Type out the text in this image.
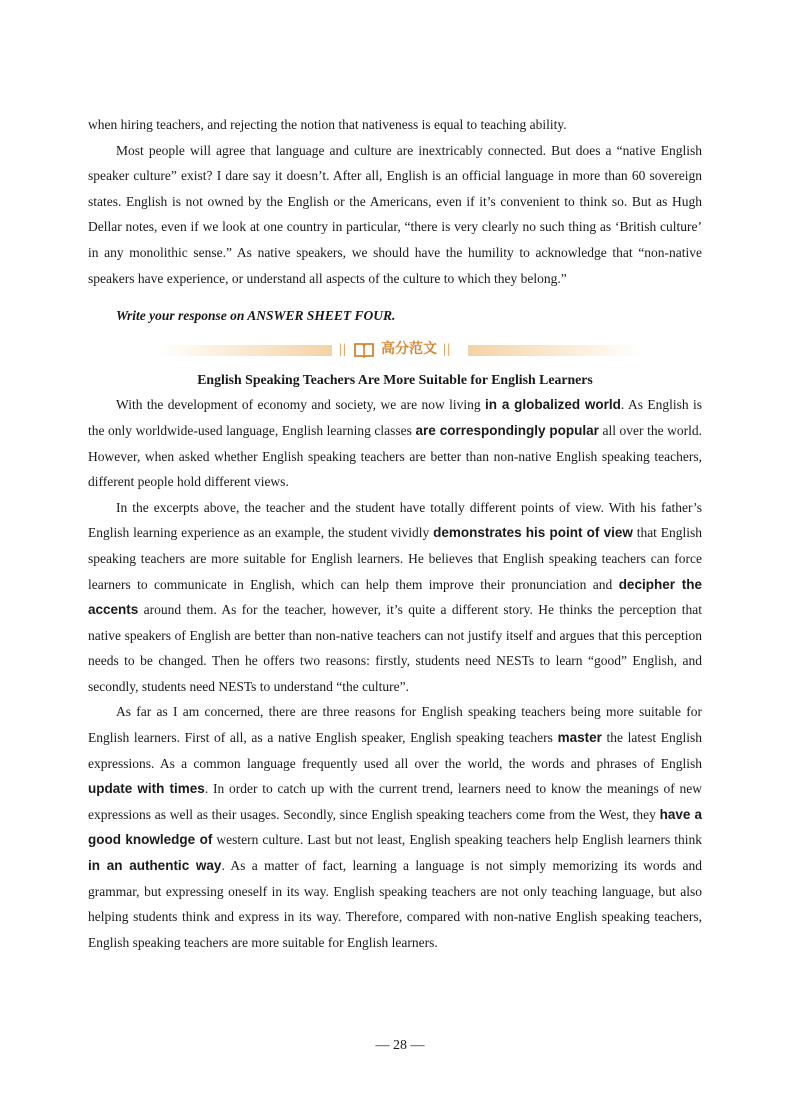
when hiring teachers, and rejecting the notion that nativeness is equal to teaching ability.

Most people will agree that language and culture are inextricably connected. But does a “native English speaker culture” exist? I dare say it doesn’t. After all, English is an official language in more than 60 sovereign states. English is not owned by the English or the Americans, even if it’s convenient to think so. But as Hugh Dellar notes, even if we look at one country in particular, “there is very clearly no such thing as ‘British culture’ in any monolithic sense.” As native speakers, we should have the humility to acknowledge that “non-native speakers have experience, or understand all aspects of the culture to which they belong.”

Write your response on ANSWER SHEET FOUR.

|| 高分范文 ||

English Speaking Teachers Are More Suitable for English Learners

With the development of economy and society, we are now living in a globalized world. As English is the only worldwide-used language, English learning classes are correspondingly popular all over the world. However, when asked whether English speaking teachers are better than non-native English speaking teachers, different people hold different views.

In the excerpts above, the teacher and the student have totally different points of view. With his father’s English learning experience as an example, the student vividly demonstrates his point of view that English speaking teachers are more suitable for English learners. He believes that English speaking teachers can force learners to communicate in English, which can help them improve their pronunciation and decipher the accents around them. As for the teacher, however, it’s quite a different story. He thinks the perception that native speakers of English are better than non-native teachers can not justify itself and argues that this perception needs to be changed. Then he offers two reasons: firstly, students need NESTs to learn “good” English, and secondly, students need NESTs to understand “the culture”.

As far as I am concerned, there are three reasons for English speaking teachers being more suitable for English learners. First of all, as a native English speaker, English speaking teachers master the latest English expressions. As a common language frequently used all over the world, the words and phrases of English update with times. In order to catch up with the current trend, learners need to know the meanings of new expressions as well as their usages. Secondly, since English speaking teachers come from the West, they have a good knowledge of western culture. Last but not least, English speaking teachers help English learners think in an authentic way. As a matter of fact, learning a language is not simply memorizing its words and grammar, but expressing oneself in its way. English speaking teachers are not only teaching language, but also helping students think and express in its way. Therefore, compared with non-native English speaking teachers, English speaking teachers are more suitable for English learners.

— 28 —
